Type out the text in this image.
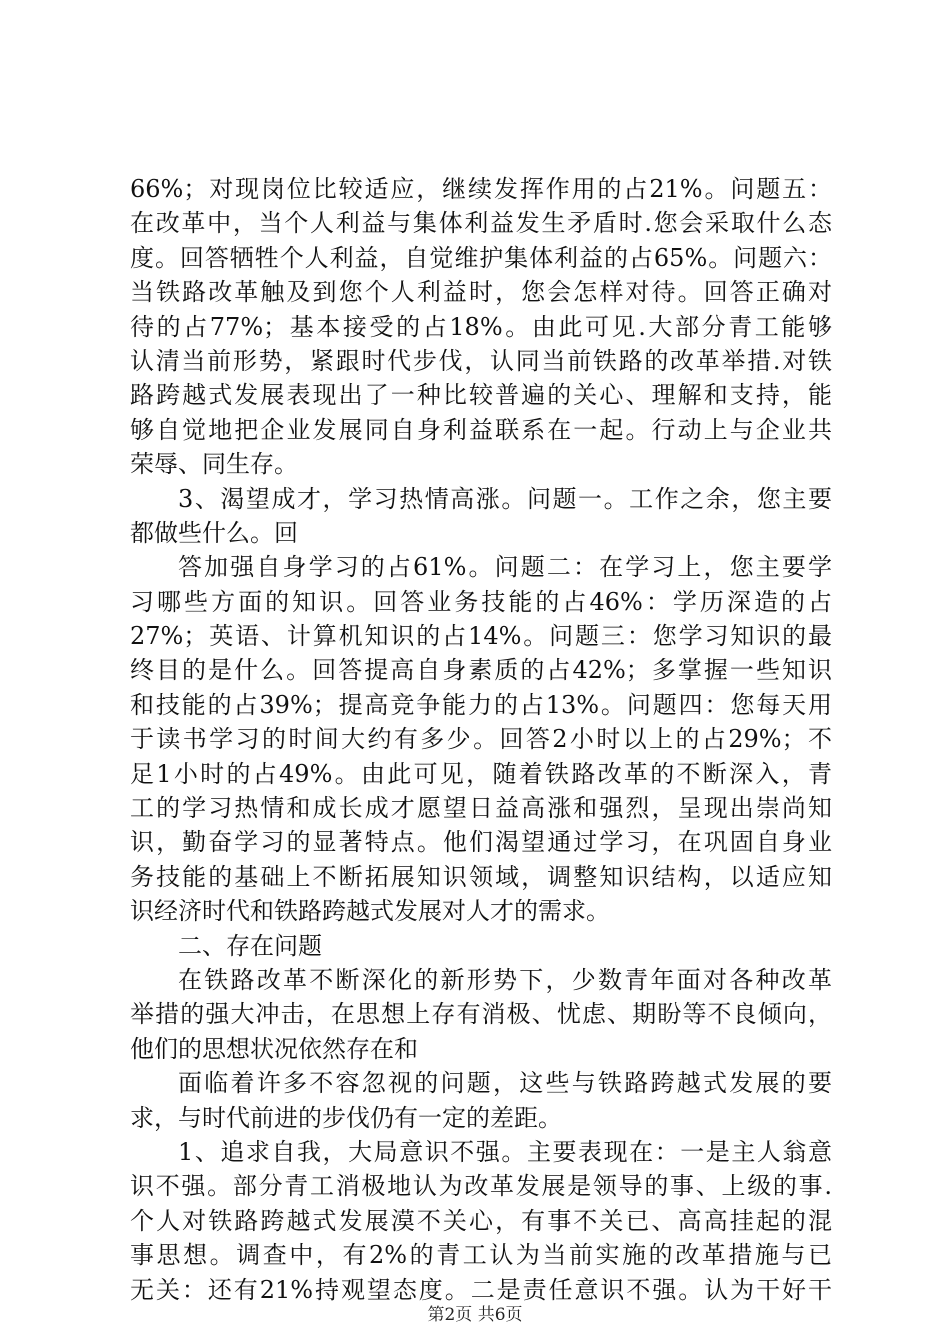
66%；对现岗位比较适应，继续发挥作用的占21%。问题五：
在改革中，当个人利益与集体利益发生矛盾时.您会采取什么态
度。回答牺牲个人利益，自觉维护集体利益的占65%。问题六：
当铁路改革触及到您个人利益时，您会怎样对待。回答正确对
待的占77%；基本接受的占18%。由此可见.大部分青工能够
认清当前形势，紧跟时代步伐，认同当前铁路的改革举措.对铁
路跨越式发展表现出了一种比较普遍的关心、理解和支持，能
够自觉地把企业发展同自身利益联系在一起。行动上与企业共
荣辱、同生存。
3、渴望成才，学习热情高涨。问题一。工作之余，您主要
都做些什么。回
答加强自身学习的占61%。问题二：在学习上，您主要学
习哪些方面的知识。回答业务技能的占46%：学历深造的占
27%；英语、计算机知识的占14%。问题三：您学习知识的最
终目的是什么。回答提高自身素质的占42%；多掌握一些知识
和技能的占39%；提高竞争能力的占13%。问题四：您每天用
于读书学习的时间大约有多少。回答2小时以上的占29%；不
足1小时的占49%。由此可见，随着铁路改革的不断深入，青
工的学习热情和成长成才愿望日益高涨和强烈，呈现出崇尚知
识，勤奋学习的显著特点。他们渴望通过学习，在巩固自身业
务技能的基础上不断拓展知识领域，调整知识结构，以适应知
识经济时代和铁路跨越式发展对人才的需求。
二、存在问题
在铁路改革不断深化的新形势下，少数青年面对各种改革
举措的强大冲击，在思想上存有消极、忧虑、期盼等不良倾向，
他们的思想状况依然存在和
面临着许多不容忽视的问题，这些与铁路跨越式发展的要
求，与时代前进的步伐仍有一定的差距。
1、追求自我，大局意识不强。主要表现在：一是主人翁意
识不强。部分青工消极地认为改革发展是领导的事、上级的事.
个人对铁路跨越式发展漠不关心，有事不关已、高高挂起的混
事思想。调查中，有2%的青工认为当前实施的改革措施与已
无关：还有21%持观望态度。二是责任意识不强。认为干好干
第2页 共6页
